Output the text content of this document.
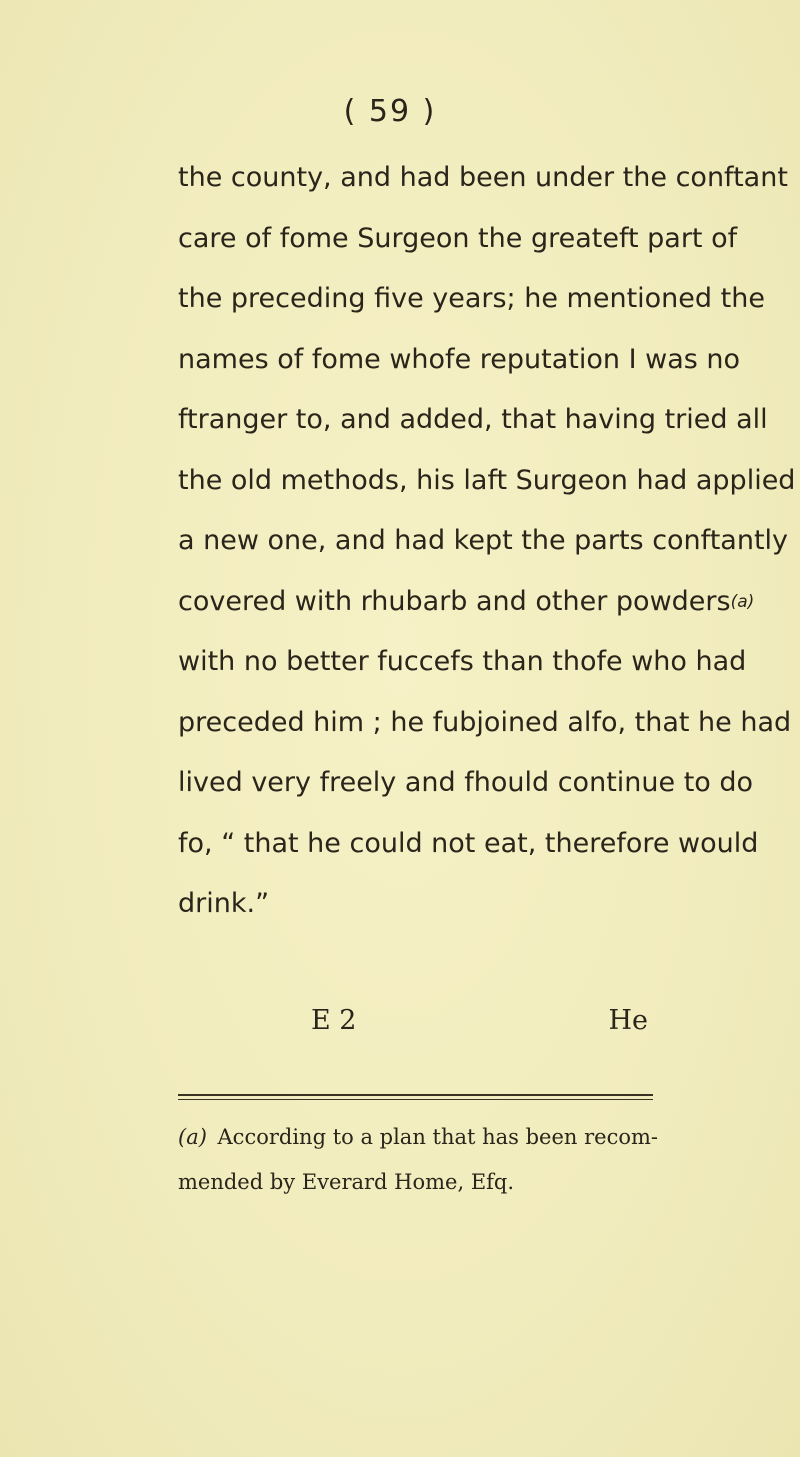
( 59 )
the county, and had been under the conftant
care of fome Surgeon the greateft part of
the preceding five years; he mentioned the
names of fome whofe reputation I was no
ftranger to, and added, that having tried all
the old methods, his laft Surgeon had applied
a new one, and had kept the parts conftantly
covered with rhubarb and other powders (a)
with no better fuccefs than thofe who had
preceded him ; he fubjoined alfo, that he had
lived very freely and fhould continue to do
fo, “ that he could not eat, therefore would
drink.”
E 2	He
(a) According to a plan that has been recom-
mended by Everard Home, Efq.
